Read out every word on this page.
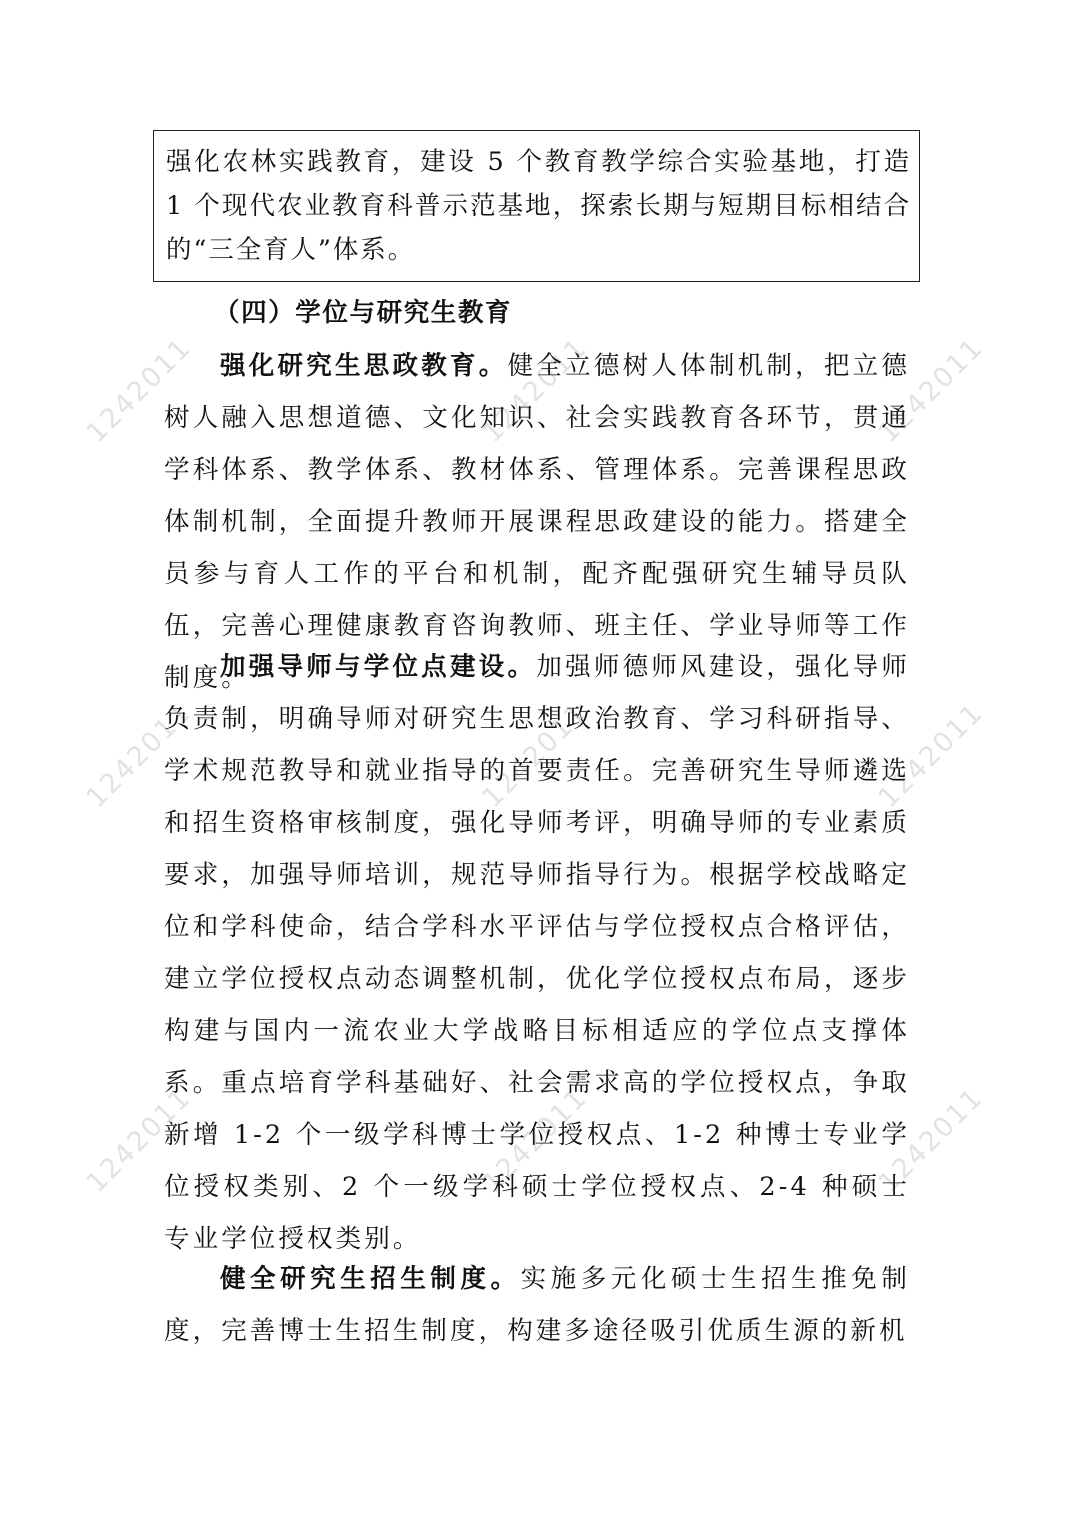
1242011	1242011	1242011
1242011	1242011	1242011
1242011	1242011	1242011
强化农林实践教育，建设 5 个教育教学综合实验基地，打造 1 个现代农业教育科普示范基地，探索长期与短期目标相结合的“三全育人”体系。
（四）学位与研究生教育

强化研究生思政教育。健全立德树人体制机制，把立德树人融入思想道德、文化知识、社会实践教育各环节，贯通学科体系、教学体系、教材体系、管理体系。完善课程思政体制机制，全面提升教师开展课程思政建设的能力。搭建全员参与育人工作的平台和机制，配齐配强研究生辅导员队伍，完善心理健康教育咨询教师、班主任、学业导师等工作制度。

加强导师与学位点建设。加强师德师风建设，强化导师负责制，明确导师对研究生思想政治教育、学习科研指导、学术规范教导和就业指导的首要责任。完善研究生导师遴选和招生资格审核制度，强化导师考评，明确导师的专业素质要求，加强导师培训，规范导师指导行为。根据学校战略定位和学科使命，结合学科水平评估与学位授权点合格评估，建立学位授权点动态调整机制，优化学位授权点布局，逐步构建与国内一流农业大学战略目标相适应的学位点支撑体系。重点培育学科基础好、社会需求高的学位授权点，争取新增 1-2 个一级学科博士学位授权点、1-2 种博士专业学位授权类别、2 个一级学科硕士学位授权点、2-4 种硕士专业学位授权类别。

健全研究生招生制度。实施多元化硕士生招生推免制度，完善博士生招生制度，构建多途径吸引优质生源的新机
